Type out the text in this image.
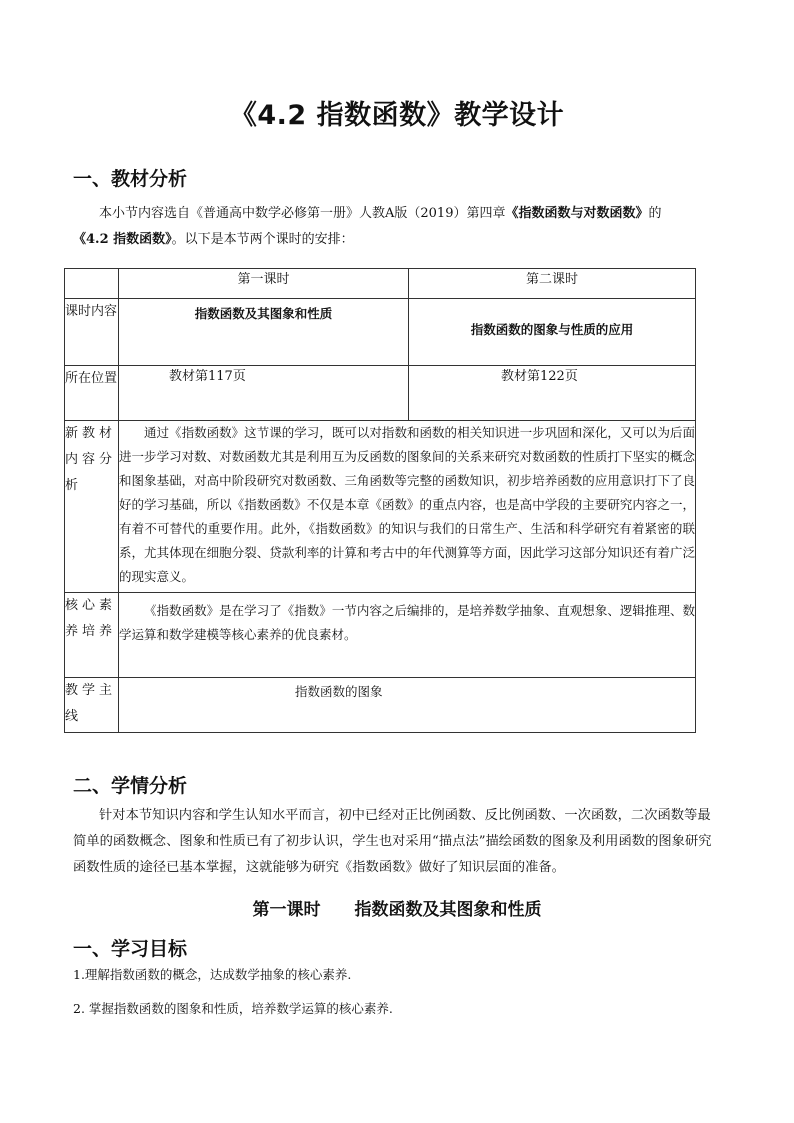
《4.2 指数函数》教学设计
一、教材分析
本小节内容选自《普通高中数学必修第一册》人教A版（2019）第四章《指数函数与对数函数》的
《4.2 指数函数》。以下是本节两个课时的安排：
	第一课时	第二课时
课时内容	指数函数及其图象和性质	指数函数的图象与性质的应用
所在位置	教材第117页	教材第122页
新教材内容分析	通过《指数函数》这节课的学习，既可以对指数和函数的相关知识进一步巩固和深化，又可以为后面进一步学习对数、对数函数尤其是利用互为反函数的图象间的关系来研究对数函数的性质打下坚实的概念和图象基础，对高中阶段研究对数函数、三角函数等完整的函数知识，初步培养函数的应用意识打下了良好的学习基础，所以《指数函数》不仅是本章《函数》的重点内容，也是高中学段的主要研究内容之一，有着不可替代的重要作用。此外，《指数函数》的知识与我们的日常生产、生活和科学研究有着紧密的联系，尤其体现在细胞分裂、贷款利率的计算和考古中的年代测算等方面，因此学习这部分知识还有着广泛的现实意义。	
核心素养培养	《指数函数》是在学习了《指数》一节内容之后编排的，是培养数学抽象、直观想象、逻辑推理、数学运算和数学建模等核心素养的优良素材。	
教学主线	指数函数的图象	
二、学情分析
针对本节知识内容和学生认知水平而言，初中已经对正比例函数、反比例函数、一次函数，二次函数等最简单的函数概念、图象和性质已有了初步认识，学生也对采用“描点法”描绘函数的图象及利用函数的图象研究函数性质的途径已基本掌握，这就能够为研究《指数函数》做好了知识层面的准备。
第一课时 指数函数及其图象和性质
一、学习目标
1.理解指数函数的概念，达成数学抽象的核心素养.
2. 掌握指数函数的图象和性质，培养数学运算的核心素养.
